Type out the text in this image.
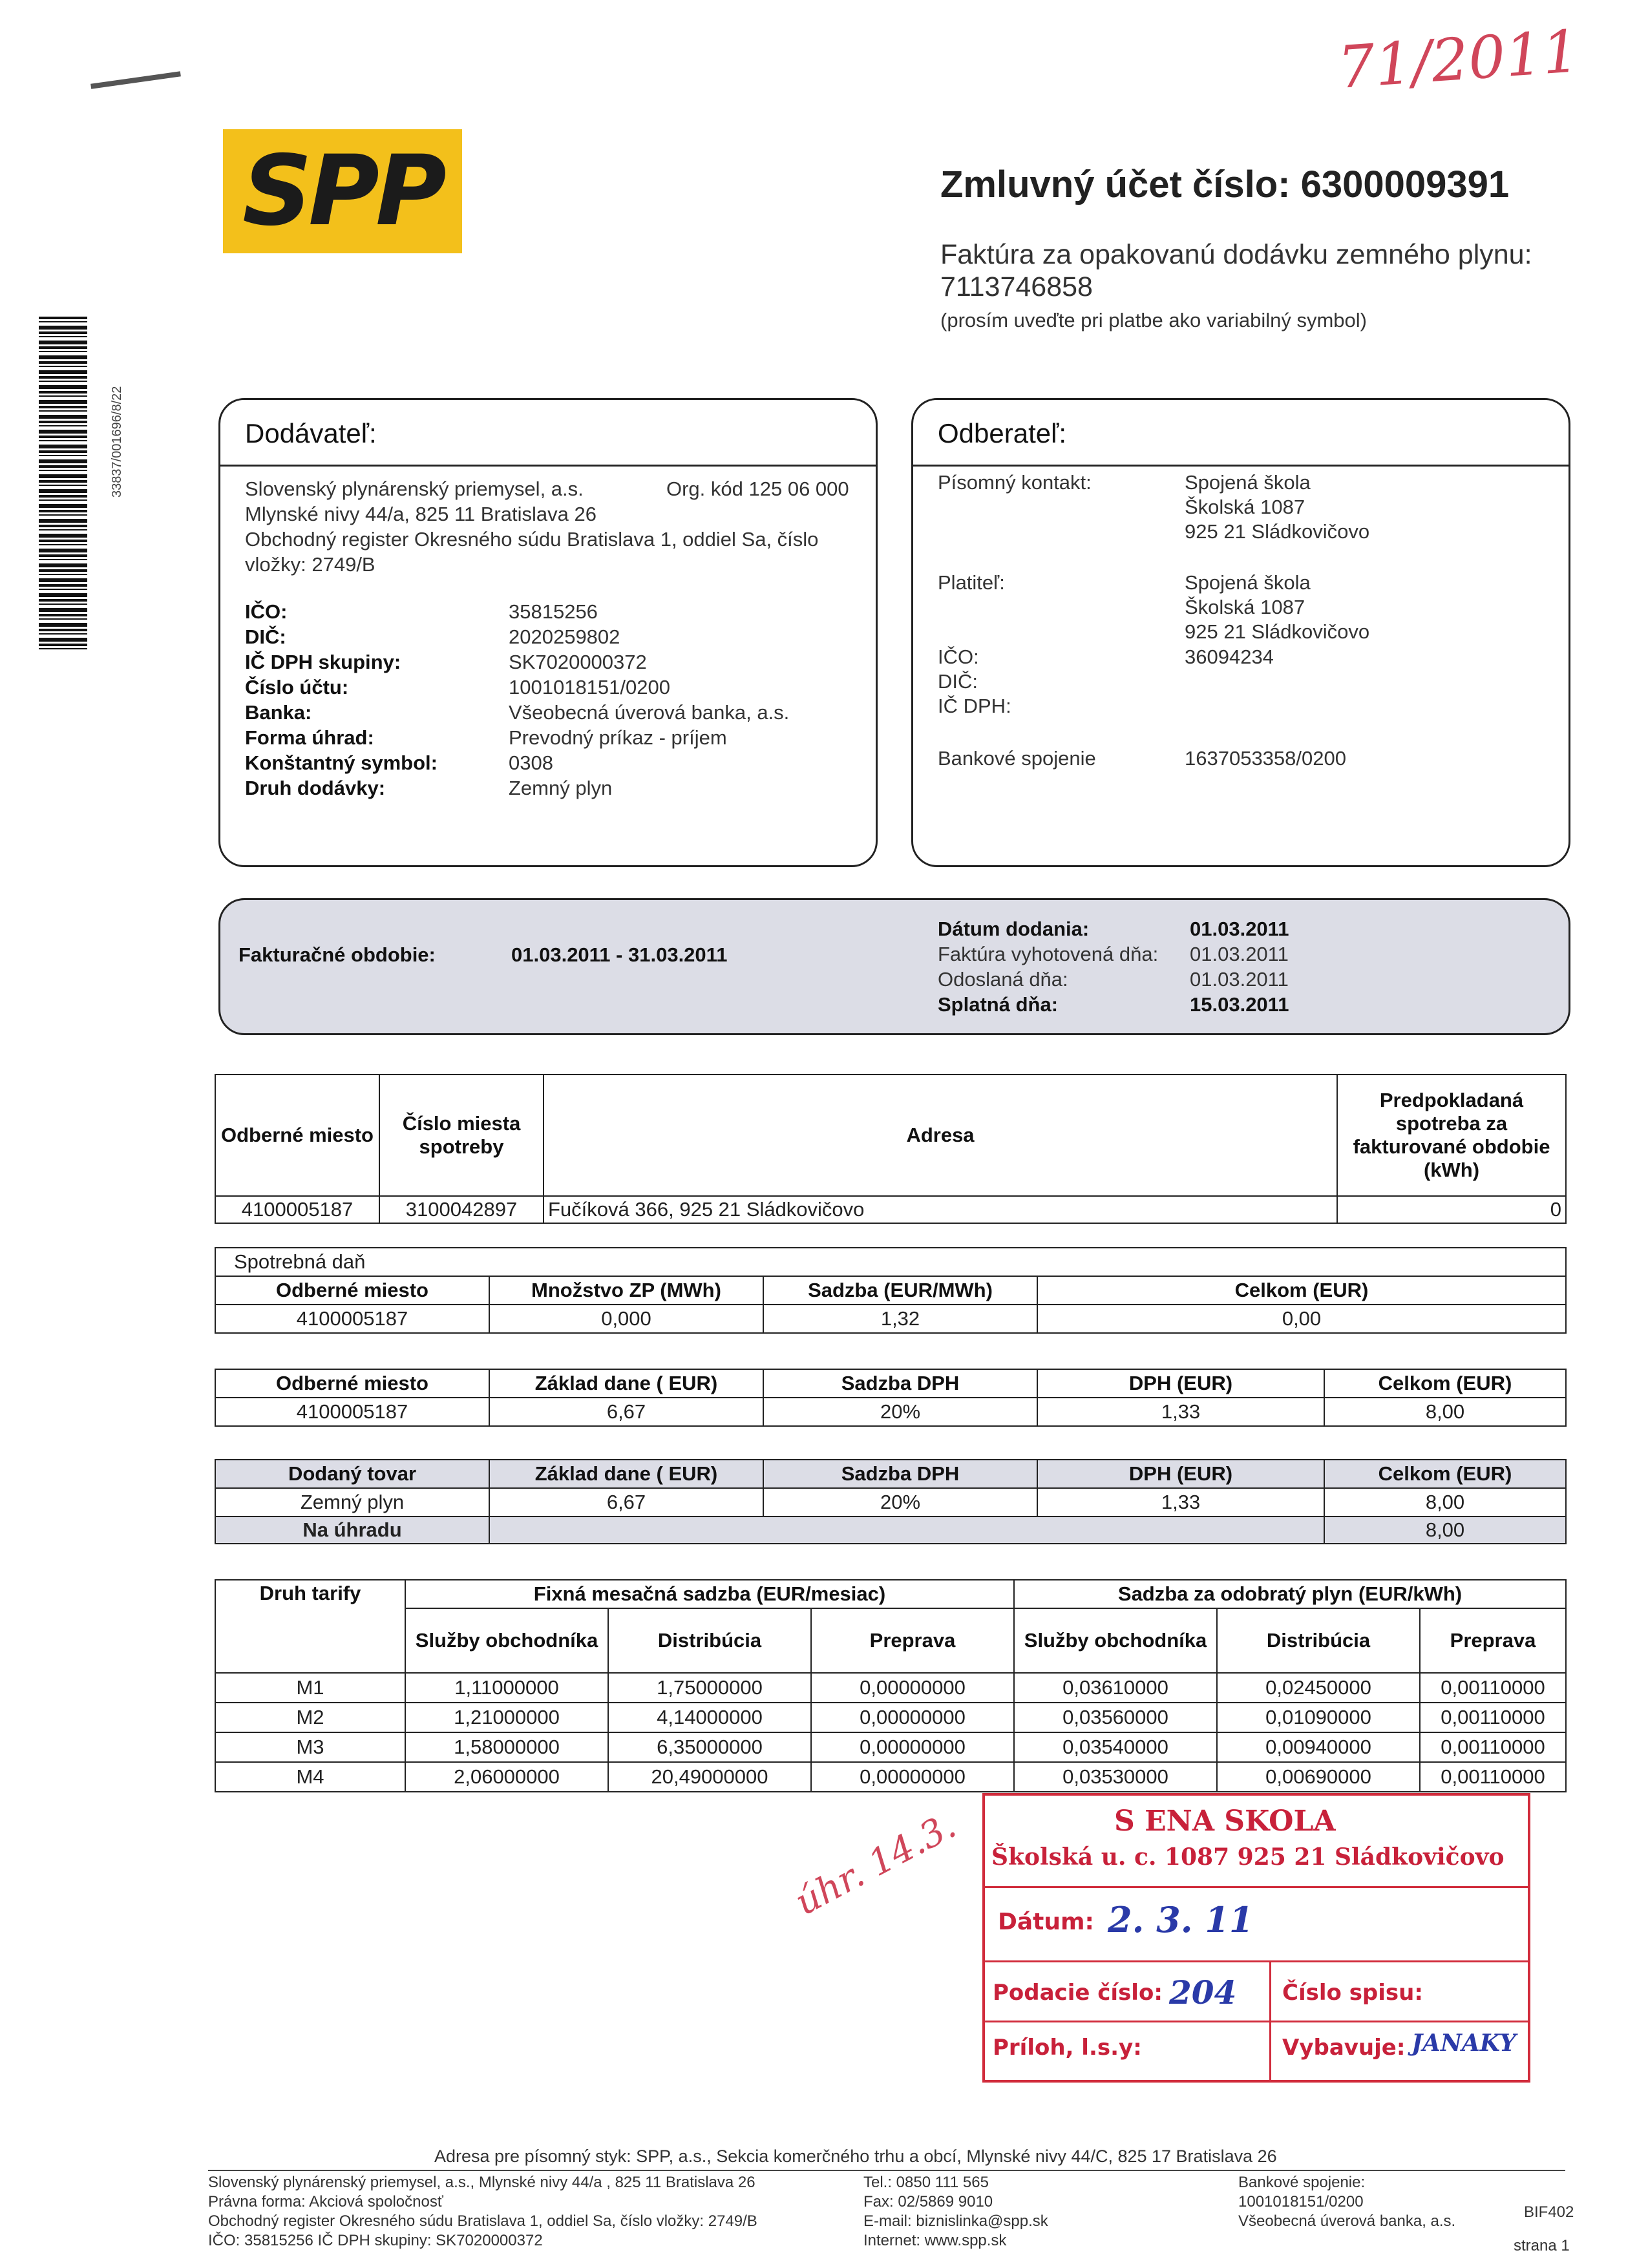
71/2011
SPP
33837/001696/8/22
Zmluvný účet číslo: 6300009391
Faktúra za opakovanú dodávku zemného plynu:
7113746858
(prosím uveďte pri platbe ako variabilný symbol)
Dodávateľ:
Slovenský plynárenský priemysel, a.s.	Org. kód 125 06 000
Mlynské nivy 44/a, 825 11 Bratislava 26
Obchodný register Okresného súdu Bratislava 1, oddiel Sa, číslo
vložky: 2749/B
IČO:	35815256
DIČ:	2020259802
IČ DPH skupiny:	SK7020000372
Číslo účtu:	1001018151/0200
Banka:	Všeobecná úverová banka, a.s.
Forma úhrad:	Prevodný príkaz - príjem
Konštantný symbol:	0308
Druh dodávky:	Zemný plyn
Odberateľ:
Písomný kontakt:	Spojená škola
Školská 1087
925 21 Sládkovičovo
Platiteľ:	Spojená škola
Školská 1087
925 21 Sládkovičovo
IČO:	36094234
DIČ:
IČ DPH:
Bankové spojenie	1637053358/0200
Fakturačné obdobie:	01.03.2011 - 31.03.2011
Dátum dodania:	01.03.2011
Faktúra vyhotovená dňa: 01.03.2011
Odoslaná dňa:	01.03.2011
Splatná dňa:	15.03.2011
Odberné miesto	Číslo miesta spotreby	Adresa	Predpokladaná spotreba za fakturované obdobie (kWh)
4100005187	3100042897	Fučíková 366, 925 21 Sládkovičovo	0
Spotrebná daň			
Odberné miesto	Množstvo ZP (MWh)	Sadzba (EUR/MWh)	Celkom (EUR)
4100005187	0,000	1,32	0,00
Odberné miesto	Základ dane ( EUR)	Sadzba DPH	DPH (EUR)	Celkom (EUR)
4100005187	6,67	20%	1,33	8,00
Dodaný tovar	Základ dane ( EUR)	Sadzba DPH	DPH (EUR)	Celkom (EUR)
Zemný plyn	6,67	20%	1,33	8,00
Na úhradu				8,00
Druh tarify	Fixná mesačná sadzba (EUR/mesiac)			Sadzba za odobratý plyn (EUR/kWh)		
	Služby obchodníka	Distribúcia	Preprava	Služby obchodníka	Distribúcia	Preprava
M1	1,11000000	1,75000000	0,00000000	0,03610000	0,02450000	0,00110000
M2	1,21000000	4,14000000	0,00000000	0,03560000	0,01090000	0,00110000
M3	1,58000000	6,35000000	0,00000000	0,03540000	0,00940000	0,00110000
M4	2,06000000	20,49000000	0,00000000	0,03530000	0,00690000	0,00110000
S ENA SKOLA
Školská u. c. 1087 925 21 Sládkovičovo
Dátum: 2. 3. 11
Podacie číslo: 204 Číslo spisu:
Príloh, l.s.y:	Vybavuje: JANAKY
úhr. 14.3.
Adresa pre písomný styk: SPP, a.s., Sekcia komerčného trhu a obcí, Mlynské nivy 44/C, 825 17 Bratislava 26
Slovenský plynárenský priemysel, a.s., Mlynské nivy 44/a , 825 11 Bratislava 26
Právna forma: Akciová spoločnosť
Obchodný register Okresného súdu Bratislava 1, oddiel Sa, číslo vložky: 2749/B
IČO: 35815256 IČ DPH skupiny: SK7020000372
Tel.: 0850 111 565
Fax: 02/5869 9010
E-mail: biznislinka@spp.sk
Internet: www.spp.sk
Bankové spojenie:
1001018151/0200
Všeobecná úverová banka, a.s.
BIF402
strana 1
